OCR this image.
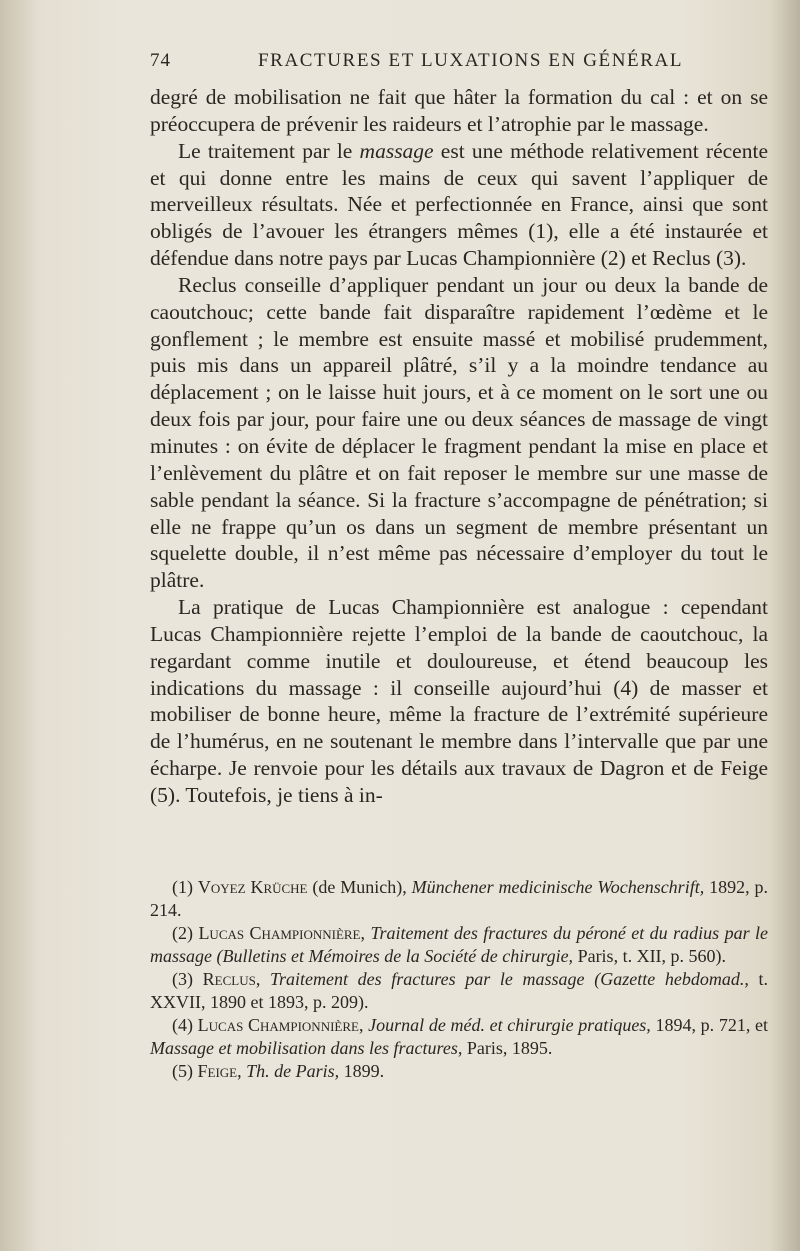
74	FRACTURES ET LUXATIONS EN GÉNÉRAL

degré de mobilisation ne fait que hâter la formation du cal : et on se préoccupera de prévenir les raideurs et l’atrophie par le massage.

Le traitement par le massage est une méthode relativement récente et qui donne entre les mains de ceux qui savent l’appliquer de merveilleux résultats. Née et perfectionnée en France, ainsi que sont obligés de l’avouer les étrangers mêmes (1), elle a été instaurée et défendue dans notre pays par Lucas Championnière (2) et Reclus (3).

Reclus conseille d’appliquer pendant un jour ou deux la bande de caoutchouc; cette bande fait disparaître rapidement l’œdème et le gonflement ; le membre est ensuite massé et mobilisé prudemment, puis mis dans un appareil plâtré, s’il y a la moindre tendance au déplacement ; on le laisse huit jours, et à ce moment on le sort une ou deux fois par jour, pour faire une ou deux séances de massage de vingt minutes : on évite de déplacer le fragment pendant la mise en place et l’enlèvement du plâtre et on fait reposer le membre sur une masse de sable pendant la séance. Si la fracture s’accompagne de pénétration; si elle ne frappe qu’un os dans un segment de membre présentant un squelette double, il n’est même pas nécessaire d’employer du tout le plâtre.

La pratique de Lucas Championnière est analogue : cependant Lucas Championnière rejette l’emploi de la bande de caoutchouc, la regardant comme inutile et douloureuse, et étend beaucoup les indications du massage : il conseille aujourd’hui (4) de masser et mobiliser de bonne heure, même la fracture de l’extrémité supérieure de l’humérus, en ne soutenant le membre dans l’intervalle que par une écharpe. Je renvoie pour les détails aux travaux de Dagron et de Feige (5). Toutefois, je tiens à in-

(1) Voyez Krüche (de Munich), Münchener medicinische Wochenschrift, 1892, p. 214.

(2) Lucas Championnière, Traitement des fractures du péroné et du radius par le massage (Bulletins et Mémoires de la Société de chirurgie, Paris, t. XII, p. 560).

(3) Reclus, Traitement des fractures par le massage (Gazette hebdomad., t. XXVII, 1890 et 1893, p. 209).

(4) Lucas Championnière, Journal de méd. et chirurgie pratiques, 1894, p. 721, et Massage et mobilisation dans les fractures, Paris, 1895.

(5) Feige, Th. de Paris, 1899.
